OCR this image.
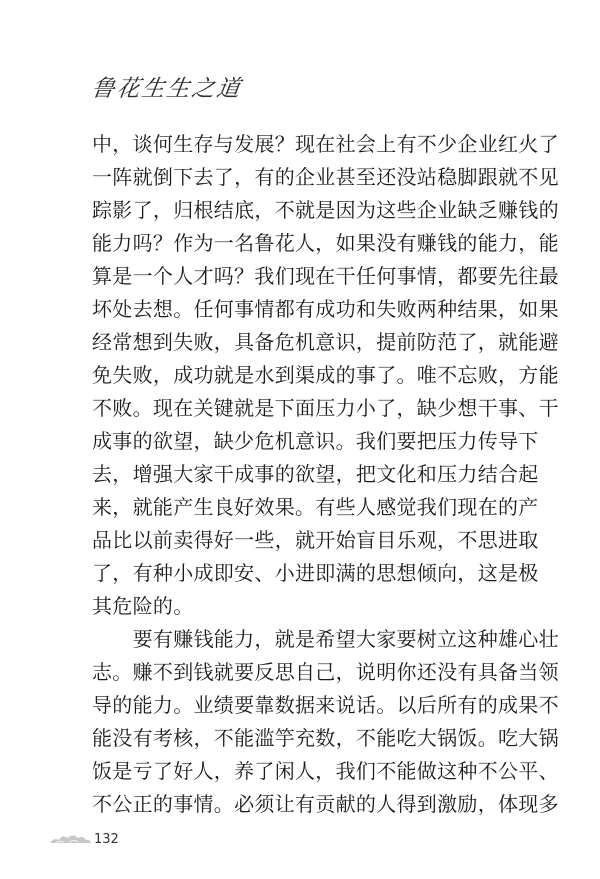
鲁花生生之道
中，谈何生存与发展？现在社会上有不少企业红火了
一阵就倒下去了，有的企业甚至还没站稳脚跟就不见
踪影了，归根结底，不就是因为这些企业缺乏赚钱的
能力吗？作为一名鲁花人，如果没有赚钱的能力，能
算是一个人才吗？我们现在干任何事情，都要先往最
坏处去想。任何事情都有成功和失败两种结果，如果
经常想到失败，具备危机意识，提前防范了，就能避
免失败，成功就是水到渠成的事了。唯不忘败，方能
不败。现在关键就是下面压力小了，缺少想干事、干
成事的欲望，缺少危机意识。我们要把压力传导下
去，增强大家干成事的欲望，把文化和压力结合起
来，就能产生良好效果。有些人感觉我们现在的产
品比以前卖得好一些，就开始盲目乐观，不思进取
了，有种小成即安、小进即满的思想倾向，这是极
其危险的。
　　要有赚钱能力，就是希望大家要树立这种雄心壮
志。赚不到钱就要反思自己，说明你还没有具备当领
导的能力。业绩要靠数据来说话。以后所有的成果不
能没有考核，不能滥竽充数，不能吃大锅饭。吃大锅
饭是亏了好人，养了闲人，我们不能做这种不公平、
不公正的事情。必须让有贡献的人得到激励，体现多
132
